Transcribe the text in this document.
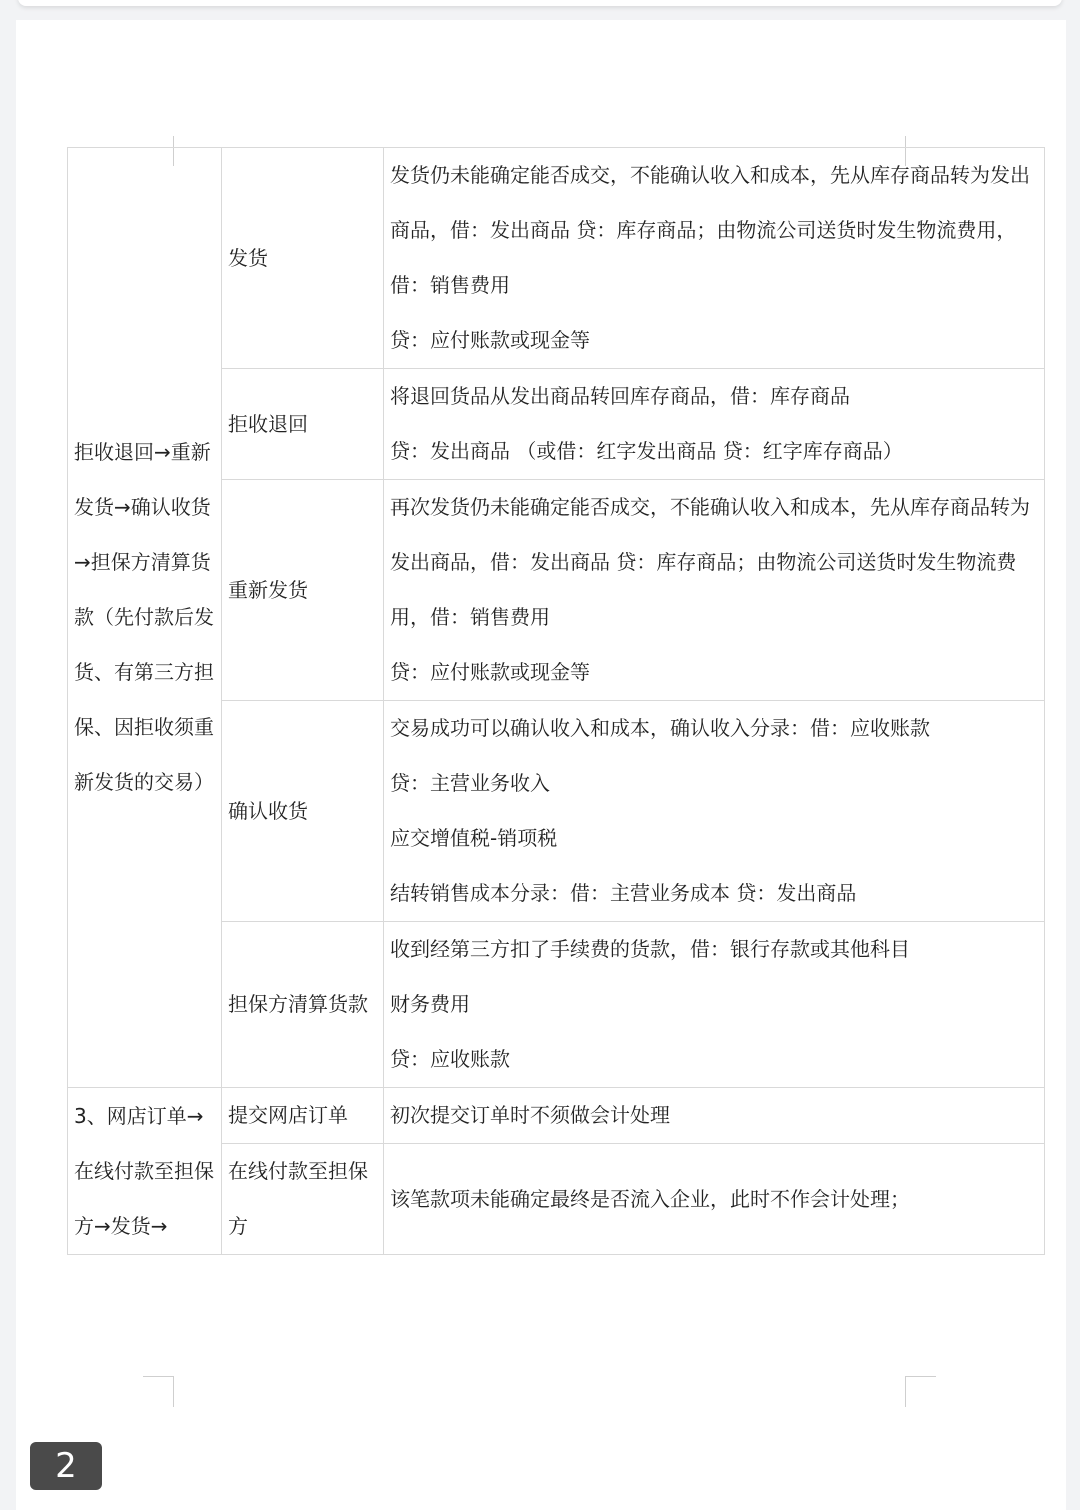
拒收退回→重新发货→确认收货→担保方清算货款（先付款后发货、有第三方担保、因拒收须重新发货的交易）	发货	发货仍未能确定能否成交，不能确认收入和成本，先从库存商品转为发出商品，借：发出商品 贷：库存商品；由物流公司送货时发生物流费用，借：销售费用
贷：应付账款或现金等

	拒收退回	将退回货品从发出商品转回库存商品，借：库存商品
贷：发出商品 （或借：红字发出商品 贷：红字库存商品）

	重新发货	再次发货仍未能确定能否成交，不能确认收入和成本，先从库存商品转为发出商品，借：发出商品 贷：库存商品；由物流公司送货时发生物流费用，借：销售费用
贷：应付账款或现金等

	确认收货	交易成功可以确认收入和成本，确认收入分录：借：应收账款
贷：主营业务收入
应交增值税-销项税
结转销售成本分录：借：主营业务成本 贷：发出商品

	担保方清算货款	收到经第三方扣了手续费的货款，借：银行存款或其他科目
财务费用
贷：应收账款

3、网店订单→在线付款至担保方→发货→	提交网店订单	初次提交订单时不须做会计处理

	在线付款至担保方	该笔款项未能确定最终是否流入企业，此时不作会计处理；
2
